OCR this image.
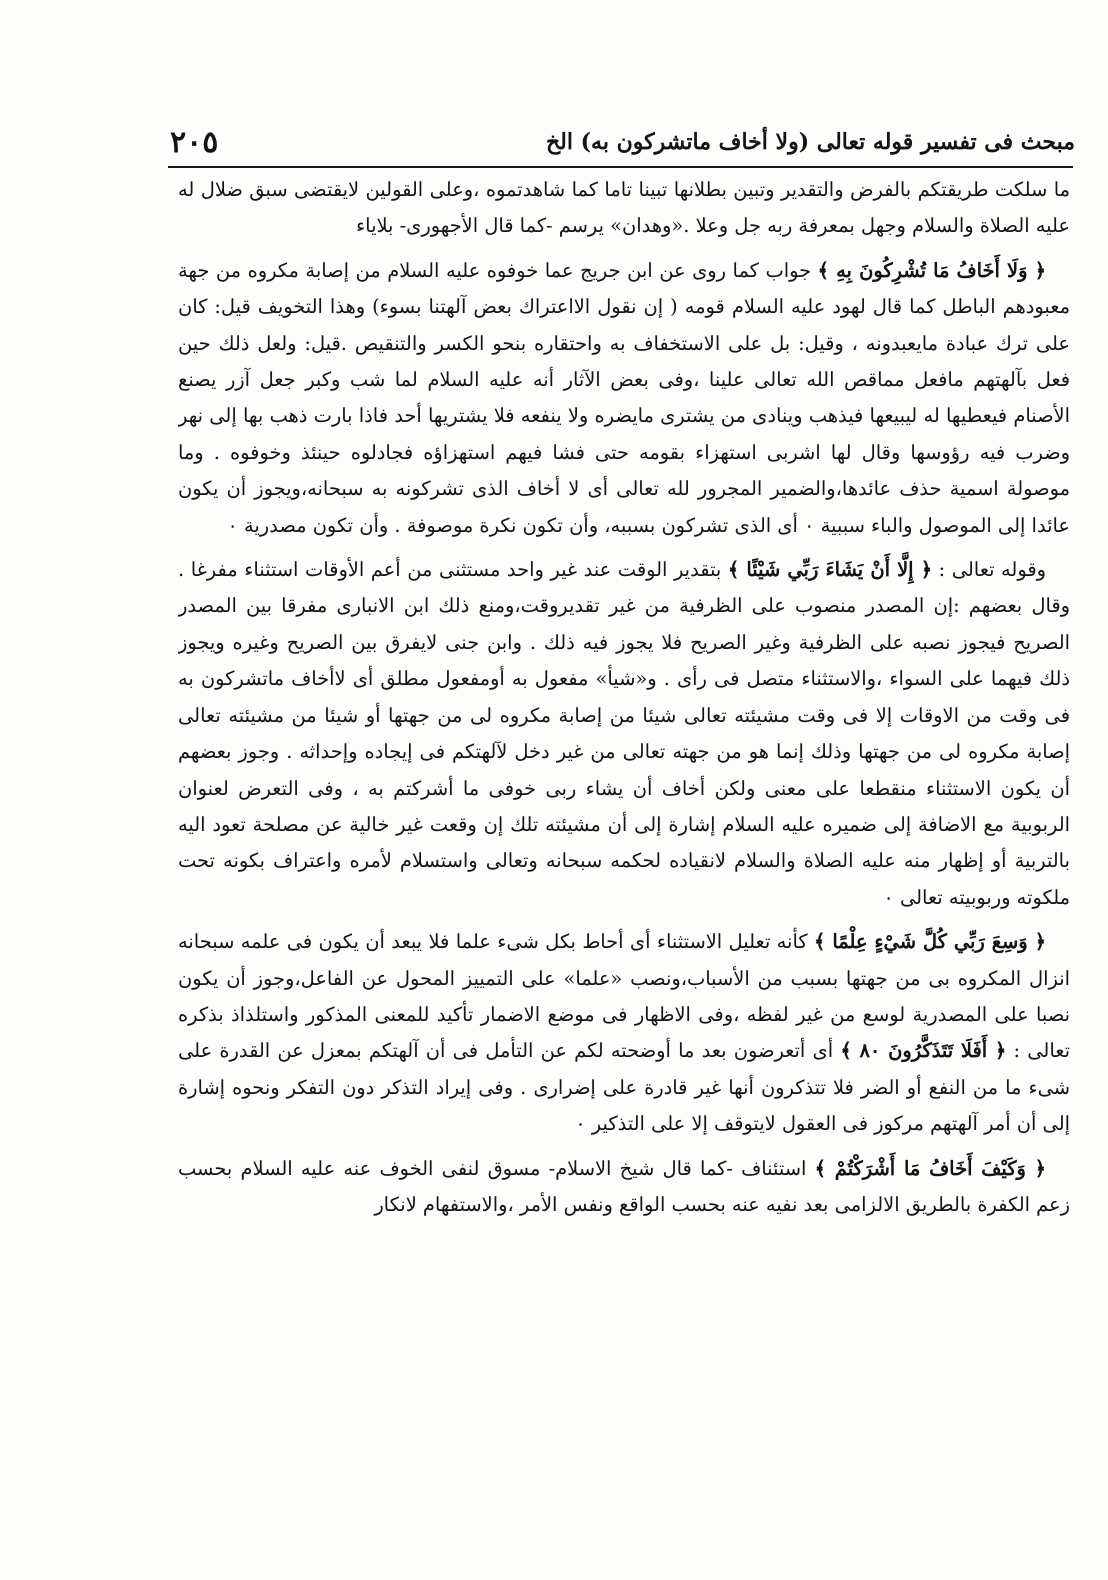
مبحث فى تفسير قوله تعالى (ولا أخاف ماتشركون به) الخ
٢٠٥

ما سلكت طريقتكم بالفرض والتقدير وتبين بطلانها تبينا تاما كما شاهدتموه ،وعلى القولين لايقتضى سبق ضلال له عليه الصلاة والسلام وجهل بمعرفة ربه جل وعلا .«وهدان» يرسم -كما قال الأجهورى- بلاياء

﴿ وَلَا أَخَافُ مَا تُشْرِكُونَ بِهِ ﴾ جواب كما روى عن ابن جريج عما خوفوه عليه السلام من إصابة مكروه من جهة معبودهم الباطل كما قال لهود عليه السلام قومه ( إن نقول الااعتراك بعض آلهتنا بسوء) وهذا التخويف قيل: كان على ترك عبادة مايعبدونه ، وقيل: بل على الاستخفاف به واحتقاره بنحو الكسر والتنقيص .قيل: ولعل ذلك حين فعل بآلهتهم مافعل مماقص الله تعالى علينا ،وفى بعض الآثار أنه عليه السلام لما شب وكبر جعل آزر يصنع الأصنام فيعطيها له ليبيعها فيذهب وينادى من يشترى مايضره ولا ينفعه فلا يشتريها أحد فاذا بارت ذهب بها إلى نهر وضرب فيه رؤوسها وقال لها اشربى استهزاء بقومه حتى فشا فيهم استهزاؤه فجادلوه حينئذ وخوفوه . وما موصولة اسمية حذف عائدها،والضمير المجرور لله تعالى أى لا أخاف الذى تشركونه به سبحانه،ويجوز أن يكون عائدا إلى الموصول والباء سببية ٠ أى الذى تشركون بسببه، وأن تكون نكرة موصوفة . وأن تكون مصدرية ٠

وقوله تعالى : ﴿ إِلَّا أَنْ يَشَاءَ رَبِّي شَيْئًا ﴾ بتقدير الوقت عند غير واحد مستثنى من أعم الأوقات استثناء مفرغا . وقال بعضهم :إن المصدر منصوب على الظرفية من غير تقديروقت،ومنع ذلك ابن الانبارى مفرقا بين المصدر الصريح فيجوز نصبه على الظرفية وغير الصريح فلا يجوز فيه ذلك . وابن جنى لايفرق بين الصريح وغيره ويجوز ذلك فيهما على السواء ،والاستثناء متصل فى رأى . و«شيأ» مفعول به أومفعول مطلق أى لاأخاف ماتشركون به فى وقت من الاوقات إلا فى وقت مشيئته تعالى شيئا من إصابة مكروه لى من جهتها أو شيئا من مشيئته تعالى إصابة مكروه لى من جهتها وذلك إنما هو من جهته تعالى من غير دخل لآلهتكم فى إيجاده وإحداثه . وجوز بعضهم أن يكون الاستثناء منقطعا على معنى ولكن أخاف أن يشاء ربى خوفى ما أشركتم به ، وفى التعرض لعنوان الربوبية مع الاضافة إلى ضميره عليه السلام إشارة إلى أن مشيئته تلك إن وقعت غير خالية عن مصلحة تعود اليه بالتربية أو إظهار منه عليه الصلاة والسلام لانقياده لحكمه سبحانه وتعالى واستسلام لأمره واعتراف بكونه تحت ملكوته وربوبيته تعالى ٠

﴿ وَسِعَ رَبِّي كُلَّ شَيْءٍ عِلْمًا ﴾ كأنه تعليل الاستثناء أى أحاط بكل شىء علما فلا يبعد أن يكون فى علمه سبحانه انزال المكروه بى من جهتها بسبب من الأسباب،ونصب «علما» على التمييز المحول عن الفاعل،وجوز أن يكون نصبا على المصدرية لوسع من غير لفظه ،وفى الاظهار فى موضع الاضمار تأكيد للمعنى المذكور واستلذاذ بذكره تعالى : ﴿ أَفَلَا تَتَذَكَّرُونَ ٨٠ ﴾ أى أتعرضون بعد ما أوضحته لكم عن التأمل فى أن آلهتكم بمعزل عن القدرة على شىء ما من النفع أو الضر فلا تتذكرون أنها غير قادرة على إضرارى . وفى إيراد التذكر دون التفكر ونحوه إشارة إلى أن أمر آلهتهم مركوز فى العقول لايتوقف إلا على التذكير ٠

﴿ وَكَيْفَ أَخَافُ مَا أَشْرَكْتُمْ ﴾ استئناف -كما قال شيخ الاسلام- مسوق لنفى الخوف عنه عليه السلام بحسب زعم الكفرة بالطريق الالزامى بعد نفيه عنه بحسب الواقع ونفس الأمر ،والاستفهام لانكار
